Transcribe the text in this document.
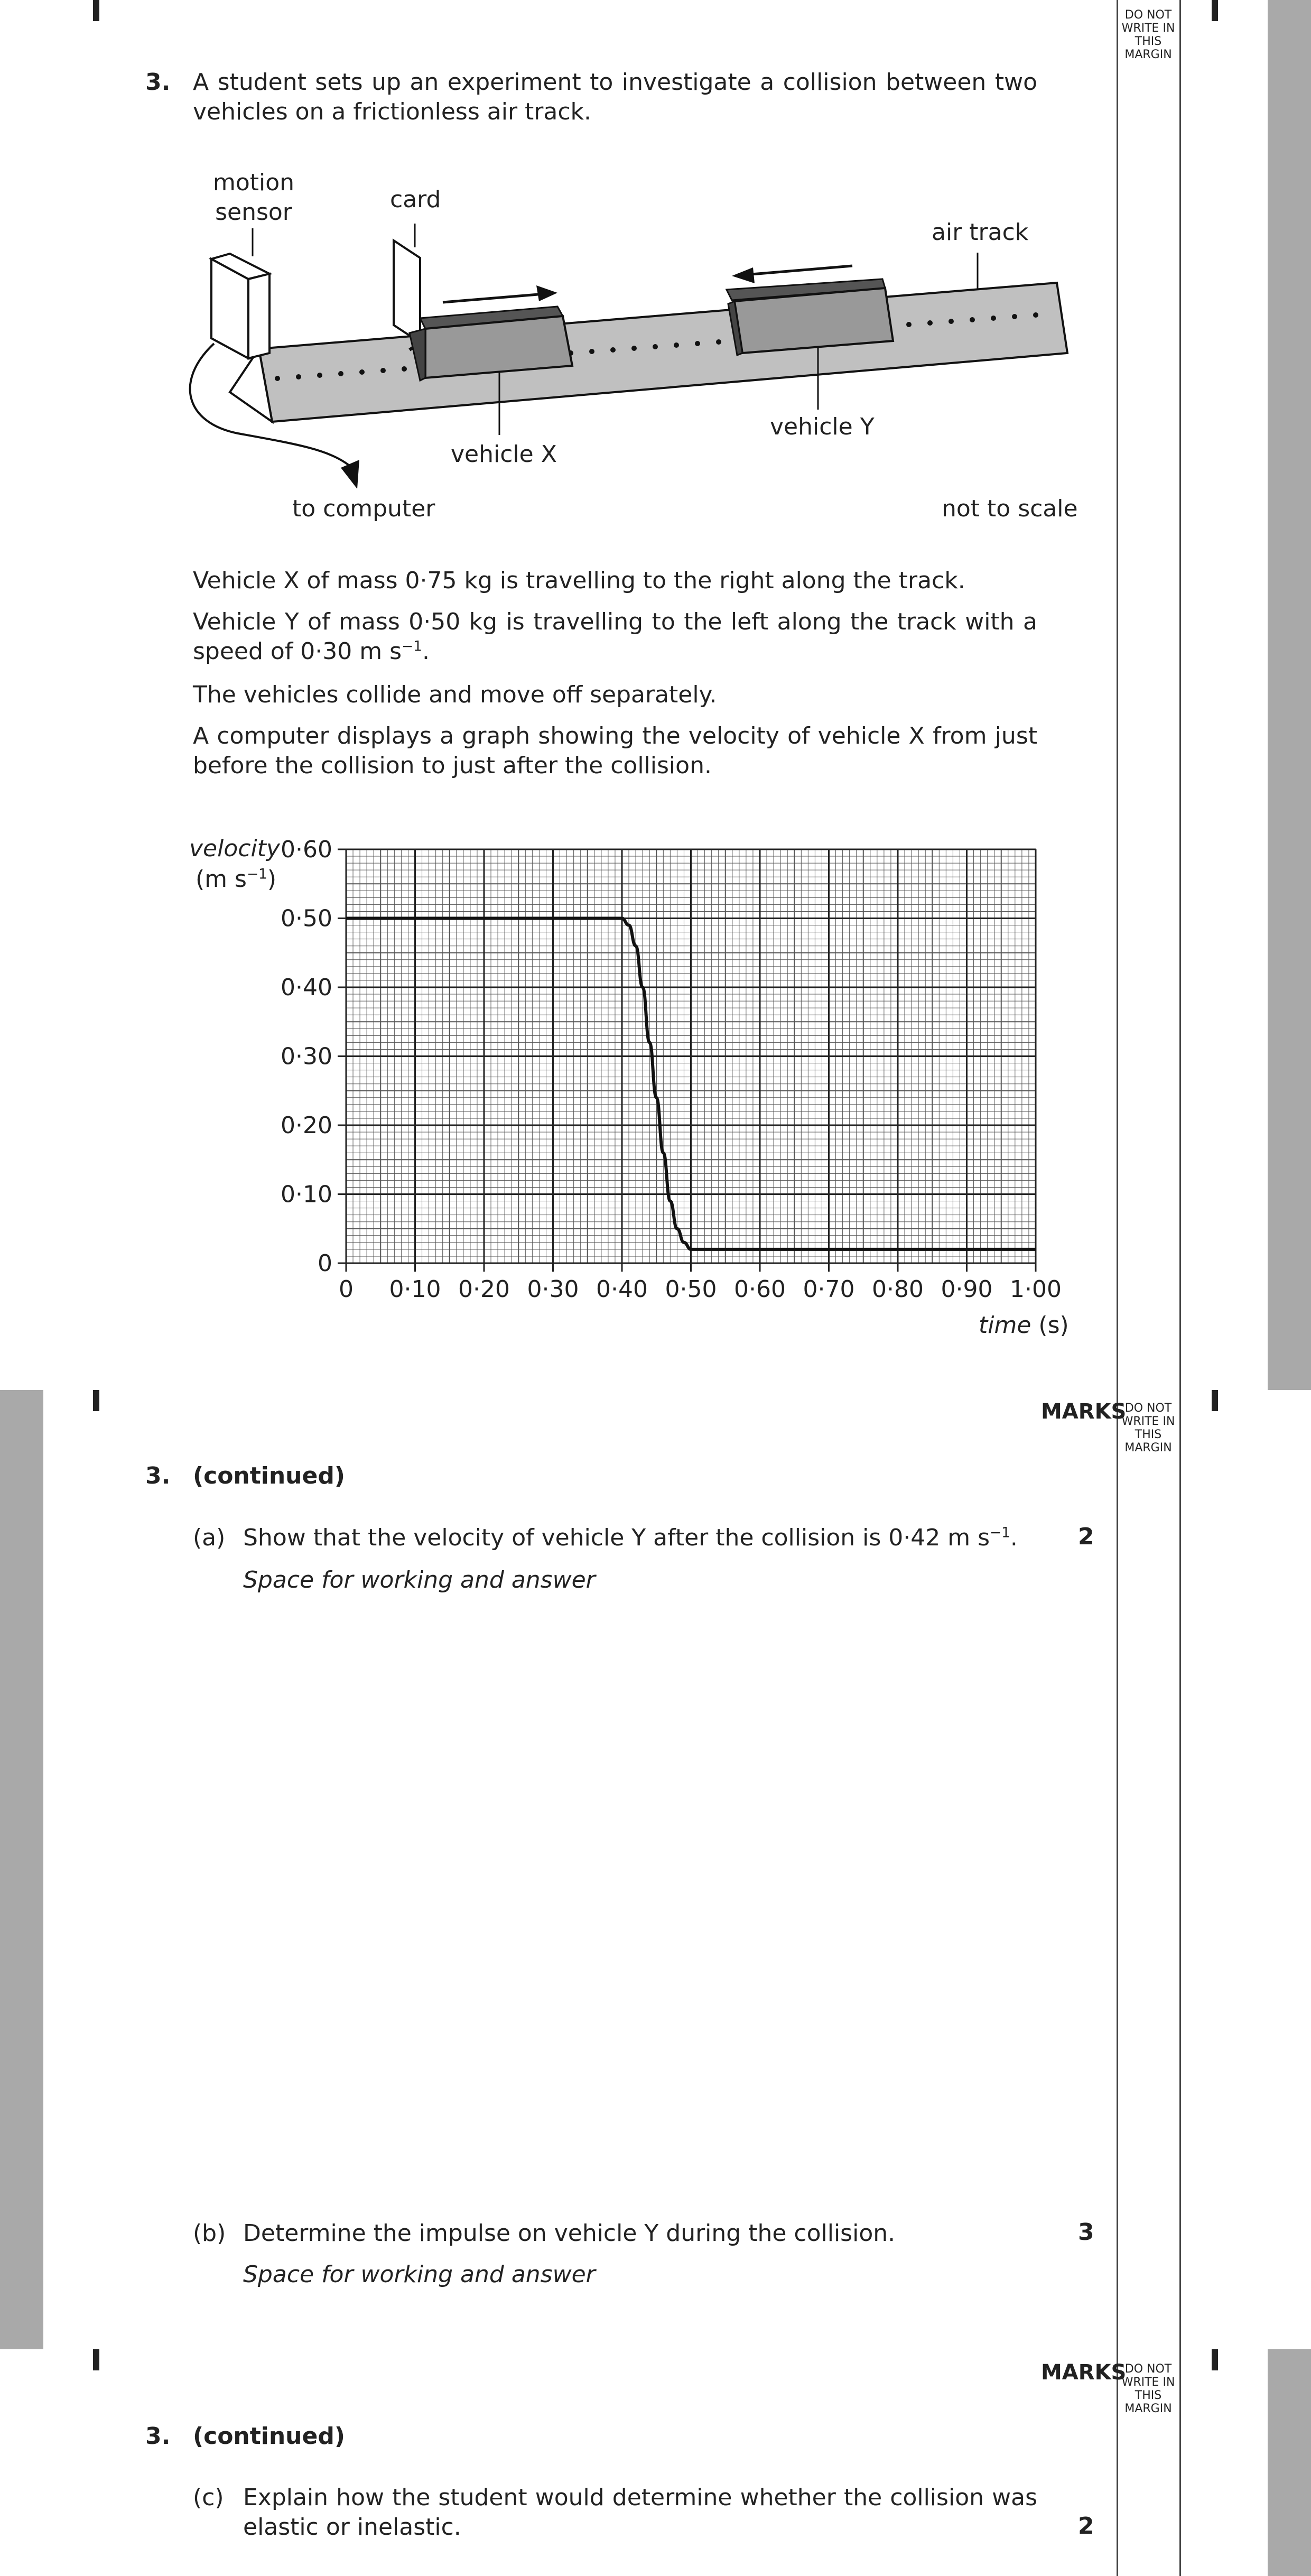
DO NOT WRITE IN THIS MARGIN
DO NOT WRITE IN THIS MARGIN
DO NOT WRITE IN THIS MARGIN
MARKS
MARKS
3. A student sets up an experiment to investigate a collision between two vehicles on a frictionless air track.
motion sensor	card
air track
vehicle Y
vehicle X
to computer	not to scale
Vehicle X of mass 0·75 kg is travelling to the right along the track.
Vehicle Y of mass 0·50 kg is travelling to the left along the track with a speed of 0·30 m $s^{-1}$.
The vehicles collide and move off separately.
A computer displays a graph showing the velocity of vehicle X from just before the collision to just after the collision.
0 0·10 0·20 0·30 0·40 0·50 0·60 0·70 0·80 0·90 1·00
0
0·10
0·20
0·30
0·40
0·50
0·60
velocity
(m $s^{-1}$)
time (s)
3. (continued)
(a) Show that the velocity of vehicle Y after the collision is 0·42 m $s^{-1}$.	2
Space for working and answer
(b) Determine the impulse on vehicle Y during the collision.	3
Space for working and answer
3. (continued)
(c) Explain how the student would determine whether the collision was elastic or inelastic.	2
